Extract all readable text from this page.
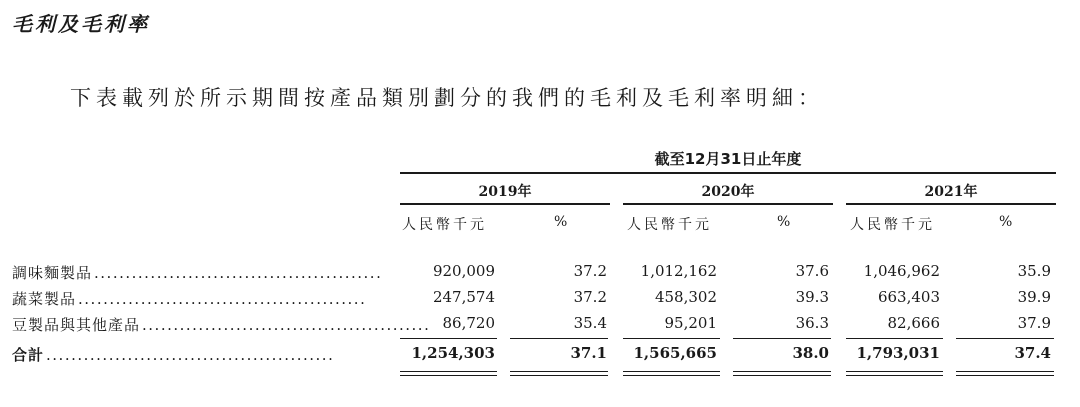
毛利及毛利率
下表載列於所示期間按產品類別劃分的我們的毛利及毛利率明細：
截至12月31日止年度
2019年	2020年	2021年
人民幣千元	%	人民幣千元	%	人民幣千元	%
調味麵製品 ..............................................	920,009	37.2	1,012,162	37.6	1,046,962	35.9
蔬菜製品 ..............................................	247,574	37.2	458,302	39.3	663,403	39.9
豆製品與其他產品 .............................................. 86,720	35.4	95,201	36.3	82,666	37.9
合計 ..............................................	1,254,303	37.1	1,565,665	38.0	1,793,031	37.4
